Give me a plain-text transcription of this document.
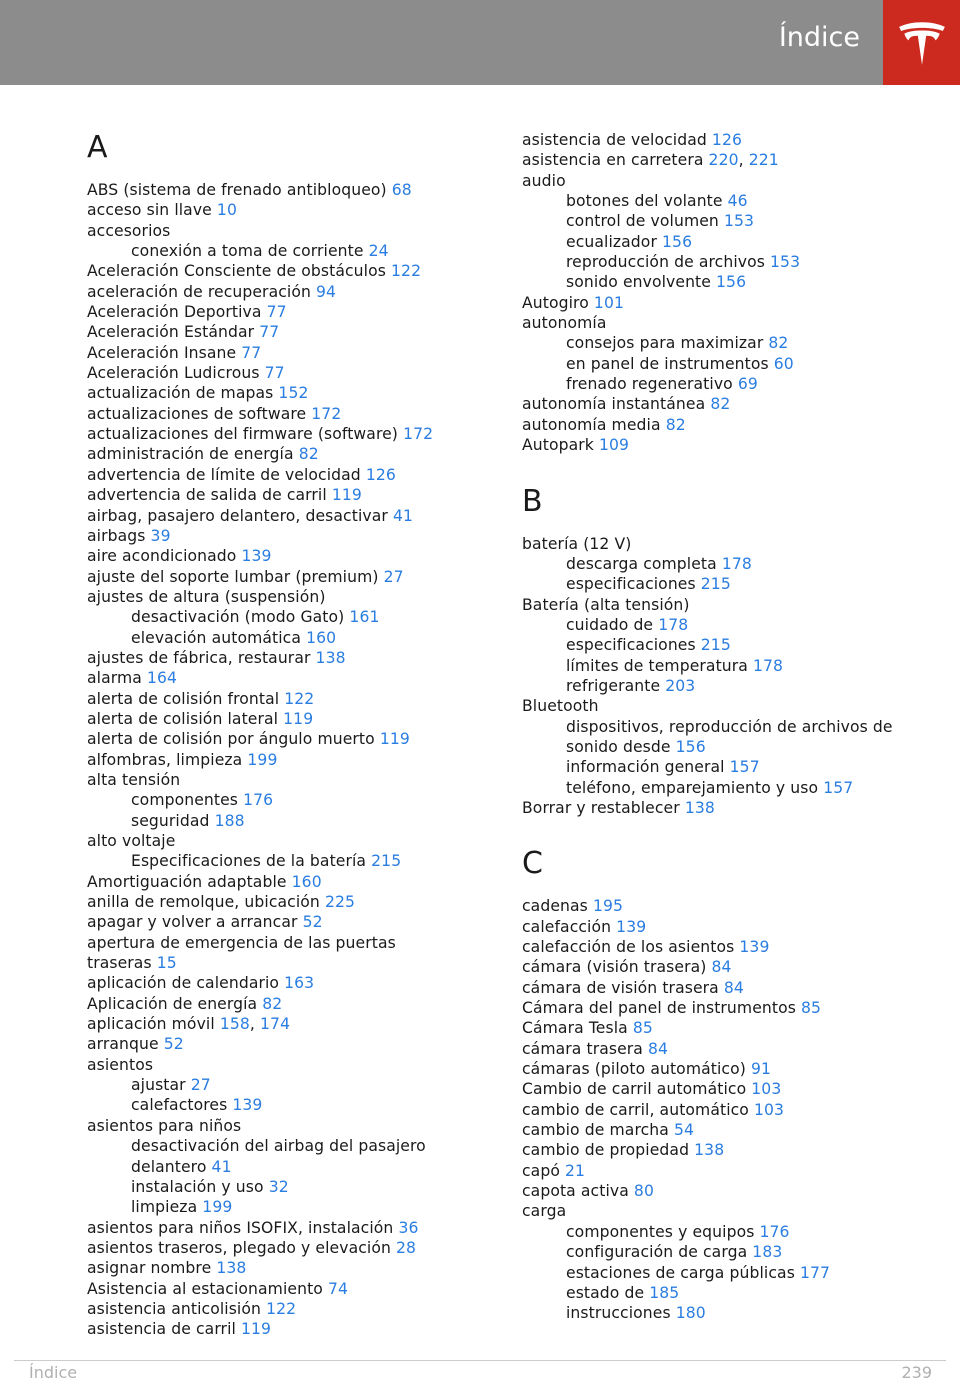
Índice
A
ABS (sistema de frenado antibloqueo) 68
acceso sin llave 10
accesorios
conexión a toma de corriente 24
Aceleración Consciente de obstáculos 122
aceleración de recuperación 94
Aceleración Deportiva 77
Aceleración Estándar 77
Aceleración Insane 77
Aceleración Ludicrous 77
actualización de mapas 152
actualizaciones de software 172
actualizaciones del firmware (software) 172
administración de energía 82
advertencia de límite de velocidad 126
advertencia de salida de carril 119
airbag, pasajero delantero, desactivar 41
airbags 39
aire acondicionado 139
ajuste del soporte lumbar (premium) 27
ajustes de altura (suspensión)
desactivación (modo Gato) 161
elevación automática 160
ajustes de fábrica, restaurar 138
alarma 164
alerta de colisión frontal 122
alerta de colisión lateral 119
alerta de colisión por ángulo muerto 119
alfombras, limpieza 199
alta tensión
componentes 176
seguridad 188
alto voltaje
Especificaciones de la batería 215
Amortiguación adaptable 160
anilla de remolque, ubicación 225
apagar y volver a arrancar 52
apertura de emergencia de las puertas
traseras 15
aplicación de calendario 163
Aplicación de energía 82
aplicación móvil 158, 174
arranque 52
asientos
ajustar 27
calefactores 139
asientos para niños
desactivación del airbag del pasajero
delantero 41
instalación y uso 32
limpieza 199
asientos para niños ISOFIX, instalación 36
asientos traseros, plegado y elevación 28
asignar nombre 138
Asistencia al estacionamiento 74
asistencia anticolisión 122
asistencia de carril 119
asistencia de velocidad 126
asistencia en carretera 220, 221
audio
botones del volante 46
control de volumen 153
ecualizador 156
reproducción de archivos 153
sonido envolvente 156
Autogiro 101
autonomía
consejos para maximizar 82
en panel de instrumentos 60
frenado regenerativo 69
autonomía instantánea 82
autonomía media 82
Autopark 109
B
batería (12 V)
descarga completa 178
especificaciones 215
Batería (alta tensión)
cuidado de 178
especificaciones 215
límites de temperatura 178
refrigerante 203
Bluetooth
dispositivos, reproducción de archivos de
sonido desde 156
información general 157
teléfono, emparejamiento y uso 157
Borrar y restablecer 138
C
cadenas 195
calefacción 139
calefacción de los asientos 139
cámara (visión trasera) 84
cámara de visión trasera 84
Cámara del panel de instrumentos 85
Cámara Tesla 85
cámara trasera 84
cámaras (piloto automático) 91
Cambio de carril automático 103
cambio de carril, automático 103
cambio de marcha 54
cambio de propiedad 138
capó 21
capota activa 80
carga
componentes y equipos 176
configuración de carga 183
estaciones de carga públicas 177
estado de 185
instrucciones 180
Índice	239
